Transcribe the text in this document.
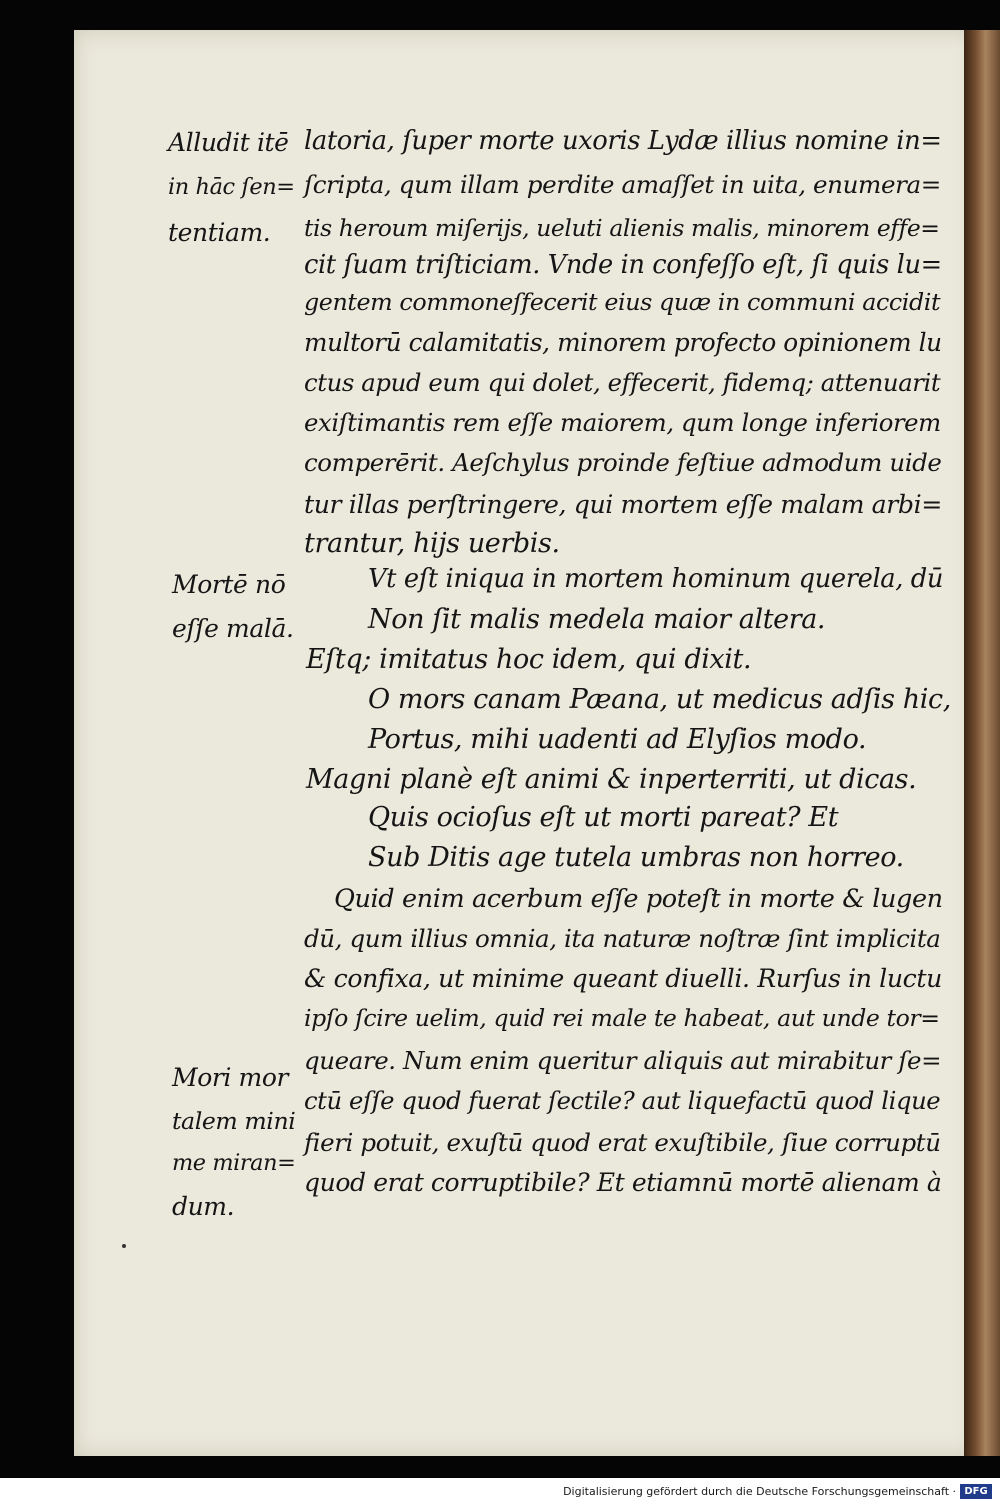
Alludit itē
in hāc ſen=
tentiam.
Mortē nō
eſſe malā.
Mori mor
talem mini
me miran=
dum.
latoria, ſuper morte uxoris Lydæ illius nomine in=
ſcripta, qum illam perdite amaſſet in uita, enumera=
tis heroum miſerijs, ueluti alienis malis, minorem effe=
cit ſuam triſticiam. Vnde in confeſſo eſt, ſi quis lu=
gentem commoneſfecerit eius quæ in communi accidit
multorū calamitatis, minorem profecto opinionem lu
ctus apud eum qui dolet, effecerit, fidemq; attenuarit
exiſtimantis rem eſſe maiorem, qum longe inferiorem
comperērit. Aeſchylus proinde feſtiue admodum uide
tur illas perſtringere, qui mortem eſſe malam arbi=
trantur, hijs uerbis.
Vt eſt iniqua in mortem hominum querela, dū
Non ſit malis medela maior altera.
Eſtq; imitatus hoc idem, qui dixit.
O mors canam Pæana, ut medicus adſis hic,
Portus, mihi uadenti ad Elyſios modo.
Magni planè eſt animi & inperterriti, ut dicas.
Quis ocioſus eſt ut morti pareat? Et
Sub Ditis age tutela umbras non horreo.
Quid enim acerbum eſſe poteſt in morte & lugen
dū, qum illius omnia, ita naturæ noſtræ ſint implicita
& confixa, ut minime queant diuelli. Rurſus in luctu
ipſo ſcire uelim, quid rei male te habeat, aut unde tor=
queare. Num enim queritur aliquis aut mirabitur ſe=
ctū eſſe quod fuerat ſectile? aut liquefactū quod lique
fieri potuit, exuſtū quod erat exuſtibile, ſiue corruptū
quod erat corruptibile? Et etiamnū mortē alienam à
Digitalisierung gefördert durch die Deutsche Forschungsgemeinschaft · DFG
